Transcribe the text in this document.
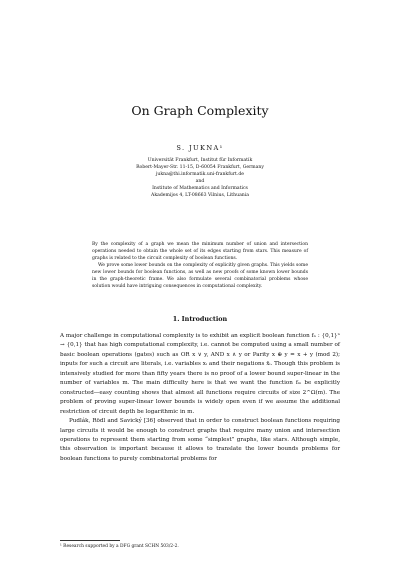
On Graph Complexity
S. JUKNA¹
Universität Frankfurt, Institut für Informatik
Robert-Mayer-Str. 11-15, D-60054 Frankfurt, Germany
jukna@thi.informatik.uni-frankfurt.de
and
Institute of Mathematics and Informatics
Akademijos 4, LT-08663 Vilnius, Lithuania

By the complexity of a graph we mean the minimum number of union and intersection operations needed to obtain the whole set of its edges starting from stars. This measure of graphs is related to the circuit complexity of boolean functions.

We prove some lower bounds on the complexity of explicitly given graphs. This yields some new lower bounds for boolean functions, as well as new proofs of some known lower bounds in the graph-theoretic frame. We also formulate several combinatorial problems whose solution would have intriguing consequences in computational complexity.

1. Introduction

A major challenge in computational complexity is to exhibit an explicit boolean function fₙ : {0,1}ⁿ → {0,1} that has high computational complexity, i.e. cannot be computed using a small number of basic boolean operations (gates) such as OR x ∨ y, AND x ∧ y or Parity x ⊕ y = x + y (mod 2); inputs for such a circuit are literals, i.e. variables xᵢ and their negations x̄ᵢ. Though this problem is intensively studied for more than fifty years there is no proof of a lower bound super-linear in the number of variables m. The main difficulty here is that we want the function fₘ be explicitly constructed—easy counting shows that almost all functions require circuits of size 2^Ω(m). The problem of proving super-linear lower bounds is widely open even if we assume the additional restriction of circuit depth be logarithmic in m.

Pudlák, Rödl and Savický [36] observed that in order to construct boolean functions requiring large circuits it would be enough to construct graphs that require many union and intersection operations to represent them starting from some “simplest” graphs, like stars. Although simple, this observation is important because it allows to translate the lower bounds problems for boolean functions to purely combinatorial problems for

¹ Research supported by a DFG grant SCHN 503/2-2.
